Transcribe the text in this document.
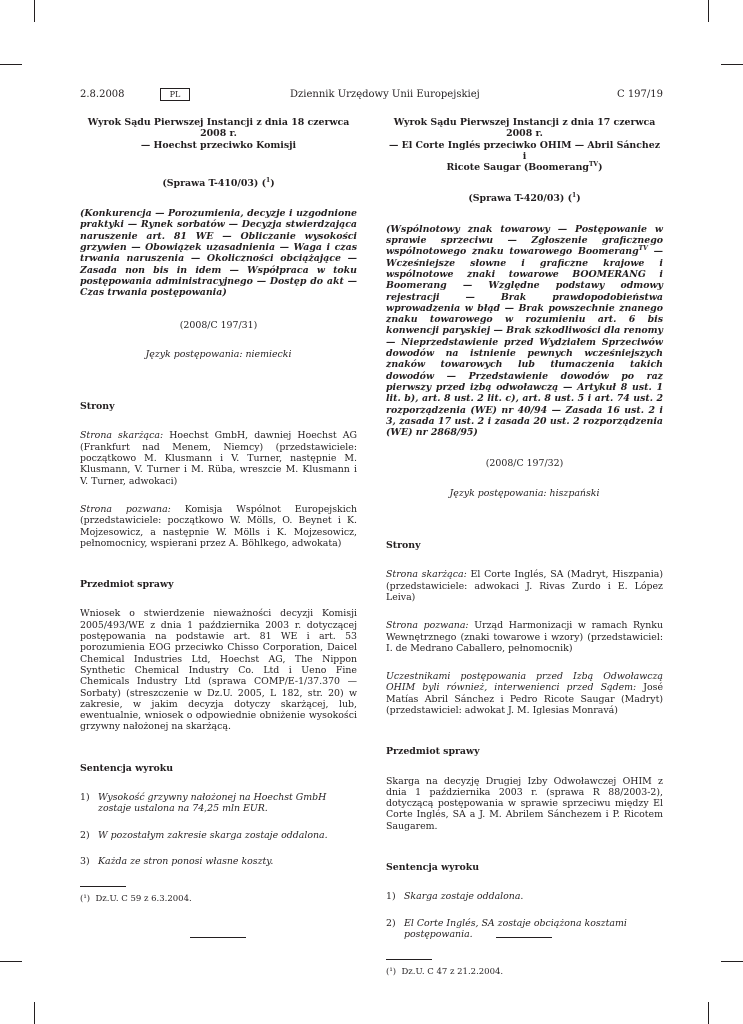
2.8.2008	PL	Dziennik Urzędowy Unii Europejskiej	C 197/19

Wyrok Sądu Pierwszej Instancji z dnia 18 czerwca 2008 r.
— Hoechst przeciwko Komisji

(Sprawa T-410/03) ($^1$)

(Konkurencja — Porozumienia, decyzje i uzgodnione praktyki — Rynek sorbatów — Decyzja stwierdzająca naruszenie art. 81 WE — Obliczanie wysokości grzywien — Obowiązek uzasadnienia — Waga i czas trwania naruszenia — Okoliczności obciążające — Zasada non bis in idem — Współpraca w toku postępowania administracyjnego — Dostęp do akt — Czas trwania postępowania)

(2008/C 197/31)

Język postępowania: niemiecki

Strony

Strona skarżąca: Hoechst GmbH, dawniej Hoechst AG (Frankfurt nad Menem, Niemcy) (przedstawiciele: początkowo M. Klusmann i V. Turner, następnie M. Klusmann, V. Turner i M. Rüba, wreszcie M. Klusmann i V. Turner, adwokaci)

Strona pozwana: Komisja Wspólnot Europejskich (przedstawiciele: początkowo W. Mölls, O. Beynet i K. Mojzesowicz, a następnie W. Mölls i K. Mojzesowicz, pełnomocnicy, wspierani przez A. Böhlkego, adwokata)

Przedmiot sprawy

Wniosek o stwierdzenie nieważności decyzji Komisji 2005/493/WE z dnia 1 października 2003 r. dotyczącej postępowania na podstawie art. 81 WE i art. 53 porozumienia EOG przeciwko Chisso Corporation, Daicel Chemical Industries Ltd, Hoechst AG, The Nippon Synthetic Chemical Industry Co. Ltd i Ueno Fine Chemicals Industry Ltd (sprawa COMP/E-1/37.370 — Sorbaty) (streszczenie w Dz.U. 2005, L 182, str. 20) w zakresie, w jakim decyzja dotyczy skarżącej, lub, ewentualnie, wniosek o odpowiednie obniżenie wysokości grzywny nałożonej na skarżącą.

Sentencja wyroku

1) Wysokość grzywny nałożonej na Hoechst GmbH zostaje ustalona na 74,25 mln EUR.
2) W pozostałym zakresie skarga zostaje oddalona.
3) Każda ze stron ponosi własne koszty.

(¹) Dz.U. C 59 z 6.3.2004.

Wyrok Sądu Pierwszej Instancji z dnia 17 czerwca 2008 r.
— El Corte Inglés przeciwko OHIM — Abril Sánchez i
Ricote Saugar (Boomerang$^{TV}$)

(Sprawa T-420/03) ($^1$)

(Wspólnotowy znak towarowy — Postępowanie w sprawie sprzeciwu — Zgłoszenie graficznego wspólnotowego znaku towarowego Boomerang$^{TV}$ — Wcześniejsze słowne i graficzne krajowe i wspólnotowe znaki towarowe BOOMERANG i Boomerang — Względne podstawy odmowy rejestracji — Brak prawdopodobieństwa wprowadzenia w błąd — Brak powszechnie znanego znaku towarowego w rozumieniu art. 6 bis konwencji paryskiej — Brak szkodliwości dla renomy — Nieprzedstawienie przed Wydziałem Sprzeciwów dowodów na istnienie pewnych wcześniejszych znaków towarowych lub tłumaczenia takich dowodów — Przedstawienie dowodów po raz pierwszy przed izbą odwoławczą — Artykuł 8 ust. 1 lit. b), art. 8 ust. 2 lit. c), art. 8 ust. 5 i art. 74 ust. 2 rozporządzenia (WE) nr 40/94 — Zasada 16 ust. 2 i 3, zasada 17 ust. 2 i zasada 20 ust. 2 rozporządzenia (WE) nr 2868/95)

(2008/C 197/32)

Język postępowania: hiszpański

Strony

Strona skarżąca: El Corte Inglés, SA (Madryt, Hiszpania) (przedstawiciele: adwokaci J. Rivas Zurdo i E. López Leiva)

Strona pozwana: Urząd Harmonizacji w ramach Rynku Wewnętrznego (znaki towarowe i wzory) (przedstawiciel: I. de Medrano Caballero, pełnomocnik)

Uczestnikami postępowania przed Izbą Odwoławczą OHIM byli również, interwenienci przed Sądem: José Matías Abril Sánchez i Pedro Ricote Saugar (Madryt) (przedstawiciel: adwokat J. M. Iglesias Monravá)

Przedmiot sprawy

Skarga na decyzję Drugiej Izby Odwoławczej OHIM z dnia 1 października 2003 r. (sprawa R 88/2003-2), dotyczącą postępowania w sprawie sprzeciwu między El Corte Inglés, SA a J. M. Abrilem Sánchezem i P. Ricotem Saugarem.

Sentencja wyroku

1) Skarga zostaje oddalona.
2) El Corte Inglés, SA zostaje obciążona kosztami postępowania.

(¹) Dz.U. C 47 z 21.2.2004.
